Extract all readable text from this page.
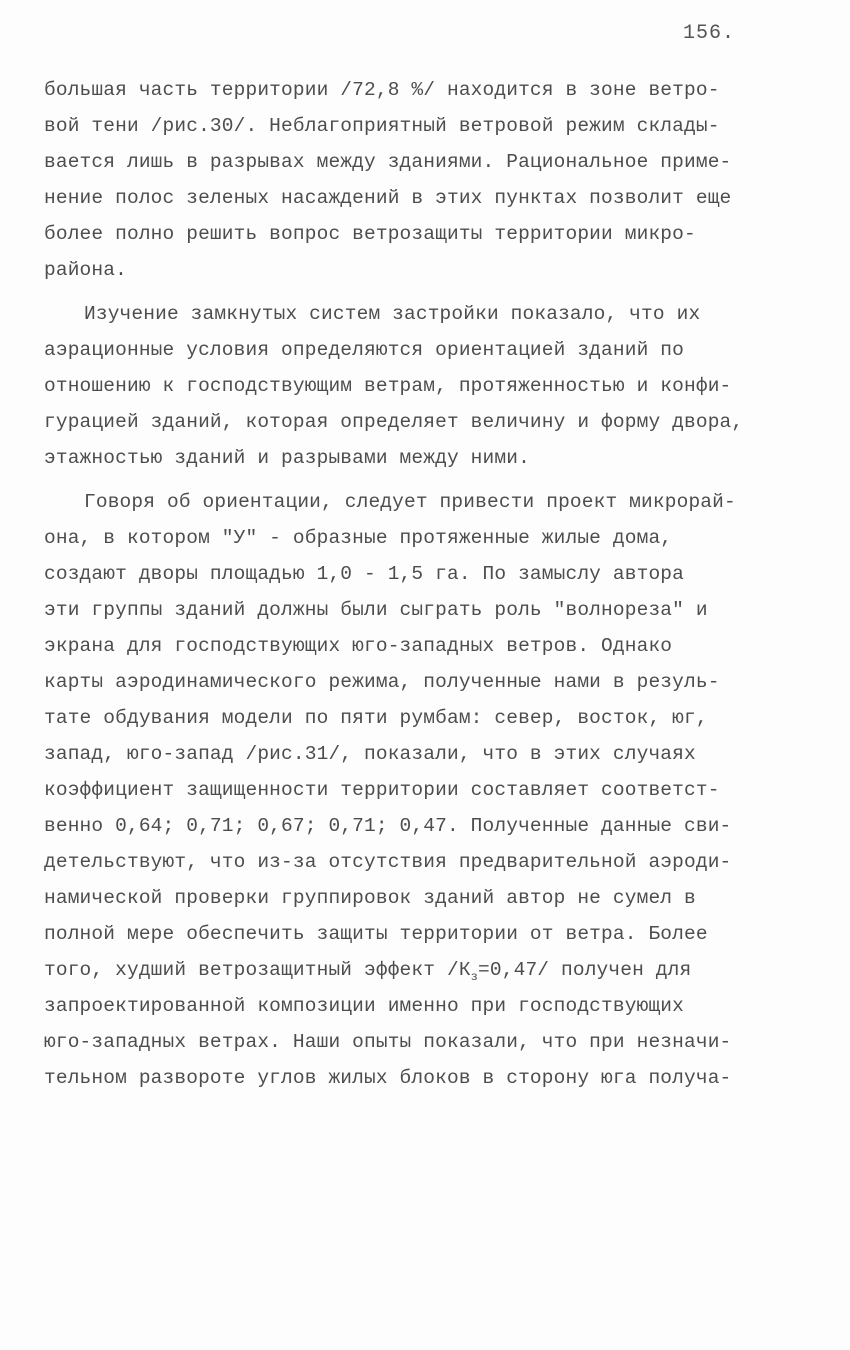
156.
большая часть территории /72,8 %/ находится в зоне ветро-
вой тени /рис.30/. Неблагоприятный ветровой режим склады-
вается лишь в разрывах между зданиями. Рациональное приме-
нение полос зеленых насаждений в этих пунктах позволит еще
более полно решить вопрос ветрозащиты территории микро-
района.
Изучение замкнутых систем застройки показало, что их
аэрационные условия определяются ориентацией зданий по
отношению к господствующим ветрам, протяженностью и конфи-
гурацией зданий, которая определяет величину и форму двора,
этажностью зданий и разрывами между ними.
Говоря об ориентации, следует привести проект микрорай-
она, в котором "У" - образные протяженные жилые дома,
создают дворы площадью 1,0 - 1,5 га. По замыслу автора
эти группы зданий должны были сыграть роль "волнореза" и
экрана для господствующих юго-западных ветров. Однако
карты аэродинамического режима, полученные нами в резуль-
тате обдувания модели по пяти румбам: север, восток, юг,
запад, юго-запад /рис.31/, показали, что в этих случаях
коэффициент защищенности территории составляет соответст-
венно 0,64; 0,71; 0,67; 0,71; 0,47. Полученные данные сви-
детельствуют, что из-за отсутствия предварительной аэроди-
намической проверки группировок зданий автор не сумел в
полной мере обеспечить защиты территории от ветра. Более
того, худший ветрозащитный эффект $/К_з=0,47/$ получен для
запроектированной композиции именно при господствующих
юго-западных ветрах. Наши опыты показали, что при незначи-
тельном развороте углов жилых блоков в сторону юга получа-
